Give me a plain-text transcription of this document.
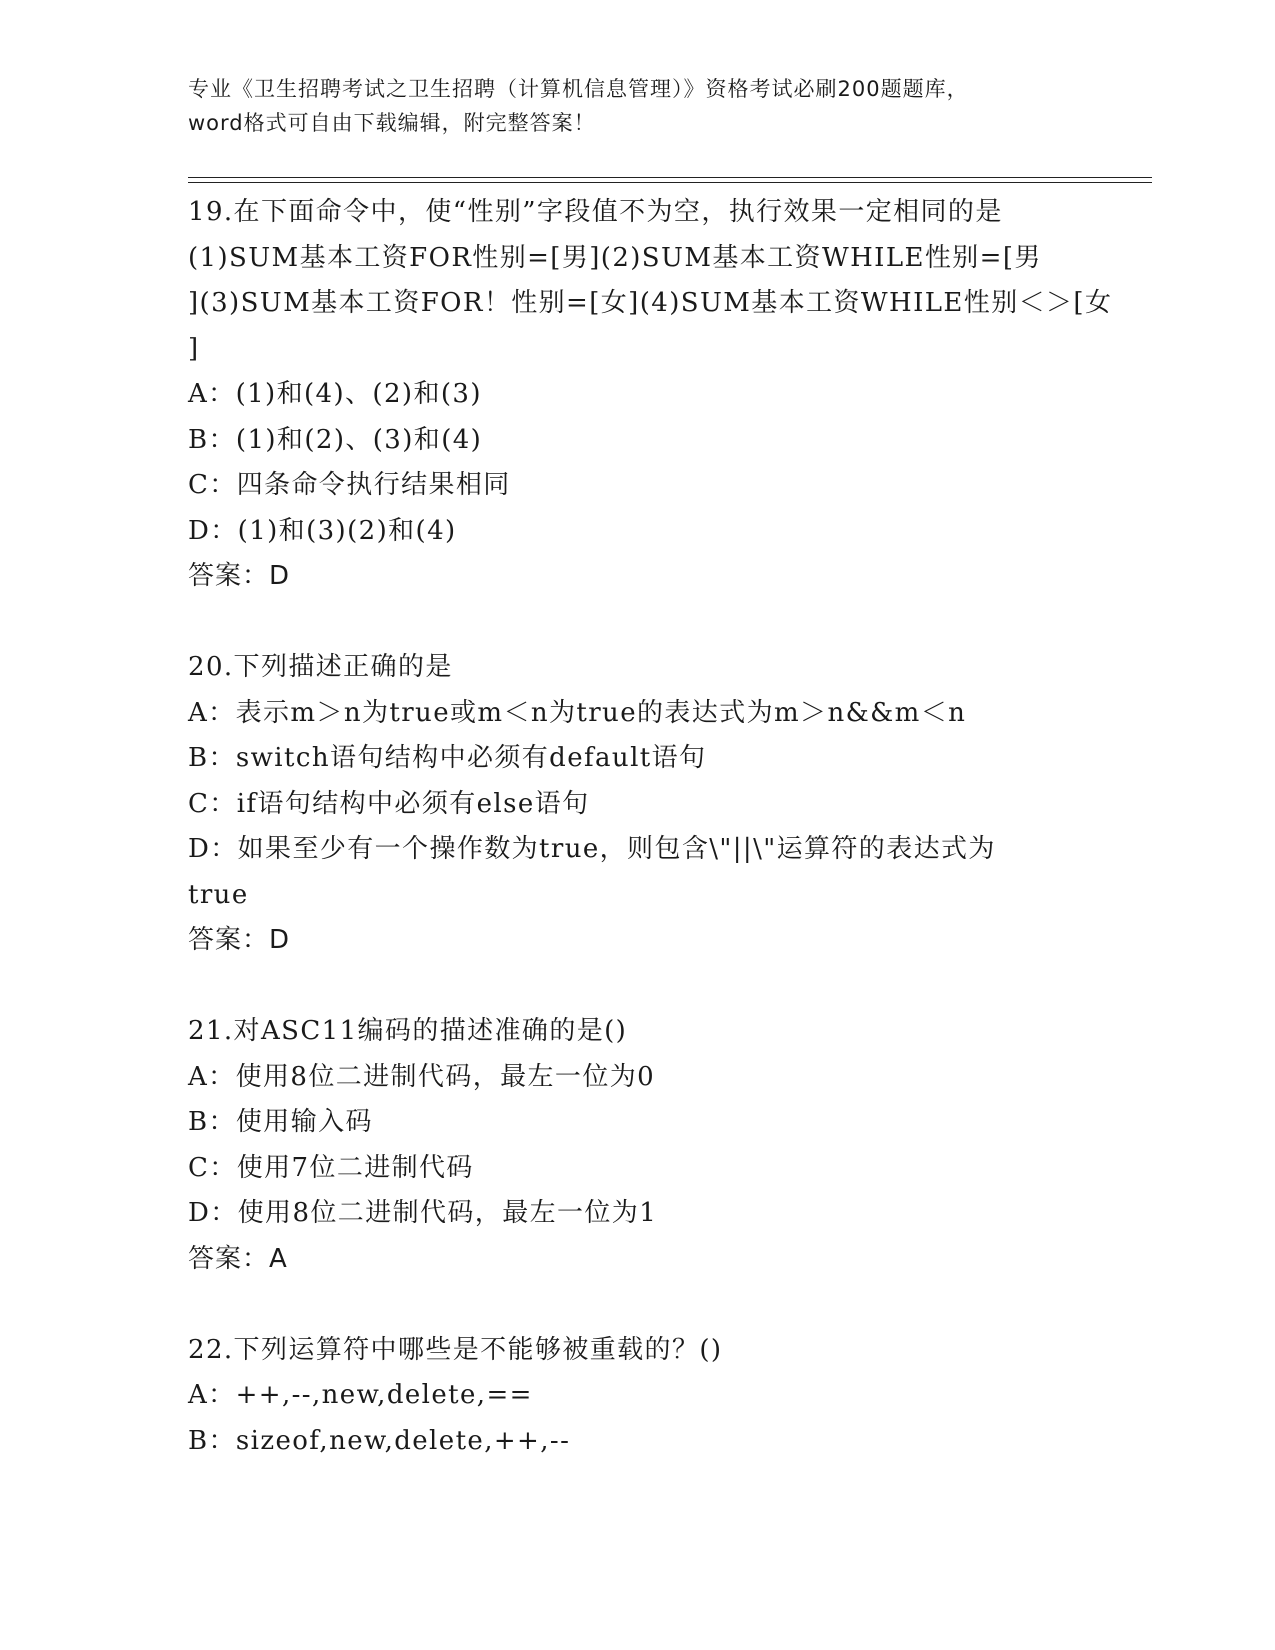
专业《卫生招聘考试之卫生招聘（计算机信息管理）》资格考试必刷200题题库，
word格式可自由下载编辑，附完整答案！
19.在下面命令中，使“性别”字段值不为空，执行效果一定相同的是
(1)SUM基本工资FOR性别=[男](2)SUM基本工资WHILE性别=[男
](3)SUM基本工资FOR！性别=[女](4)SUM基本工资WHILE性别＜＞[女
]
A：(1)和(4)、(2)和(3)
B：(1)和(2)、(3)和(4)
C：四条命令执行结果相同
D：(1)和(3)(2)和(4)
答案：D
20.下列描述正确的是
A：表示m＞n为true或m＜n为true的表达式为m＞n&&m＜n
B：switch语句结构中必须有default语句
C：if语句结构中必须有else语句
D：如果至少有一个操作数为true，则包含\"||\"运算符的表达式为
true
答案：D
21.对ASC11编码的描述准确的是()
A：使用8位二进制代码，最左一位为0
B：使用输入码
C：使用7位二进制代码
D：使用8位二进制代码，最左一位为1
答案：A
22.下列运算符中哪些是不能够被重载的？()
A：++,--,new,delete,==
B：sizeof,new,delete,++,--
